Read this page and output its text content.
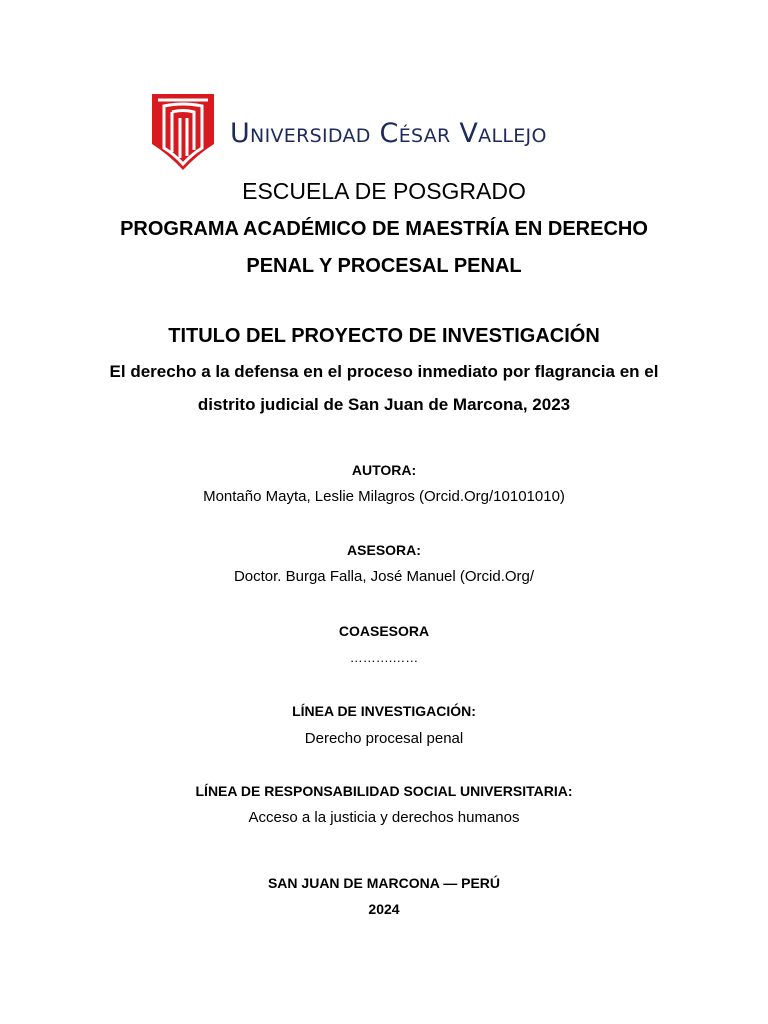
Universidad César Vallejo
ESCUELA DE POSGRADO
PROGRAMA ACADÉMICO DE MAESTRÍA EN DERECHO
PENAL Y PROCESAL PENAL
TITULO DEL PROYECTO DE INVESTIGACIÓN
El derecho a la defensa en el proceso inmediato por flagrancia en el
distrito judicial de San Juan de Marcona, 2023
AUTORA:
Montaño Mayta, Leslie Milagros (Orcid.Org/10101010)
ASESORA:
Doctor. Burga Falla, José Manuel (Orcid.Org/
COASESORA
……….……
LÍNEA DE INVESTIGACIÓN:
Derecho procesal penal
LÍNEA DE RESPONSABILIDAD SOCIAL UNIVERSITARIA:
Acceso a la justicia y derechos humanos
SAN JUAN DE MARCONA — PERÚ
2024
